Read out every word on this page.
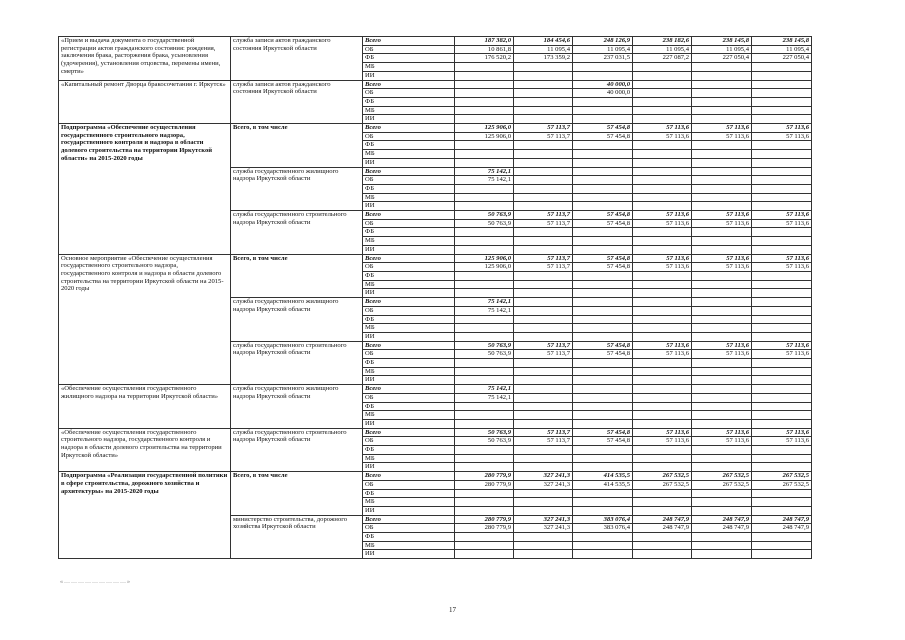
«Прием и выдача документа о государственной регистрации актов гражданского состояния: рождения, заключения брака, расторжения брака, усыновления (удочерения), установления отцовства, перемены имени, смерти»	служба записи актов гражданского состояния Иркутской области	Всего	187 382,0	184 454,6	248 126,9	238 182,6	238 145,8	238 145,8
		ОБ	10 861,8	11 095,4	11 095,4	11 095,4	11 095,4	11 095,4
		ФБ	176 520,2	173 359,2	237 031,5	227 087,2	227 050,4	227 050,4
		МБ						
		ИИ						
«Капитальный ремонт Дворца бракосочетания г. Иркутск»	служба записи актов гражданского состояния Иркутской области	Всего			40 000,0			
		ОБ			40 000,0			
		ФБ						
		МБ						
		ИИ						
Подпрограмма «Обеспечение осуществления государственного строительного надзора, государственного контроля и надзора в области долевого строительства на территории Иркутской области» на 2015-2020 годы	Всего, в том числе	Всего	125 906,0	57 113,7	57 454,8	57 113,6	57 113,6	57 113,6
		ОБ	125 906,0	57 113,7	57 454,8	57 113,6	57 113,6	57 113,6
		ФБ						
		МБ						
		ИИ						
	служба государственного жилищного надзора Иркутской области	Всего	75 142,1					
		ОБ	75 142,1					
		ФБ						
		МБ						
		ИИ						
	служба государственного строительного надзора Иркутской области	Всего	50 763,9	57 113,7	57 454,8	57 113,6	57 113,6	57 113,6
		ОБ	50 763,9	57 113,7	57 454,8	57 113,6	57 113,6	57 113,6
		ФБ						
		МБ						
		ИИ						
Основное мероприятие «Обеспечение осуществления государственного строительного надзора, государственного контроля и надзора в области долевого строительства на территории Иркутской области на 2015-2020 годы	Всего, в том числе	Всего	125 906,0	57 113,7	57 454,8	57 113,6	57 113,6	57 113,6
		ОБ	125 906,0	57 113,7	57 454,8	57 113,6	57 113,6	57 113,6
		ФБ						
		МБ						
		ИИ						
	служба государственного жилищного надзора Иркутской области	Всего	75 142,1					
		ОБ	75 142,1					
		ФБ						
		МБ						
		ИИ						
	служба государственного строительного надзора Иркутской области	Всего	50 763,9	57 113,7	57 454,8	57 113,6	57 113,6	57 113,6
		ОБ	50 763,9	57 113,7	57 454,8	57 113,6	57 113,6	57 113,6
		ФБ						
		МБ						
		ИИ						
«Обеспечение осуществления государственного жилищного надзора на территории Иркутской области»	служба государственного жилищного надзора Иркутской области	Всего	75 142,1					
		ОБ	75 142,1					
		ФБ						
		МБ						
		ИИ						
«Обеспечение осуществления государственного строительного надзора, государственного контроля и надзора в области долевого строительства на территории Иркутской области»	служба государственного строительного надзора Иркутской области	Всего	50 763,9	57 113,7	57 454,8	57 113,6	57 113,6	57 113,6
		ОБ	50 763,9	57 113,7	57 454,8	57 113,6	57 113,6	57 113,6
		ФБ						
		МБ						
		ИИ						
Подпрограмма «Реализация государственной политики в сфере строительства, дорожного хозяйства и архитектуры» на 2015-2020 годы	Всего, в том числе	Всего	280 779,9	327 241,3	414 535,5	267 532,5	267 532,5	267 532,5
		ОБ	280 779,9	327 241,3	414 535,5	267 532,5	267 532,5	267 532,5
		ФБ						
		МБ						
		ИИ						
	министерство строительства, дорожного хозяйства Иркутской области	Всего	280 779,9	327 241,3	383 076,4	248 747,9	248 747,9	248 747,9
		ОБ	280 779,9	327 241,3	383 076,4	248 747,9	248 747,9	248 747,9
		ФБ						
		МБ						
		ИИ						
«………………………»
17
